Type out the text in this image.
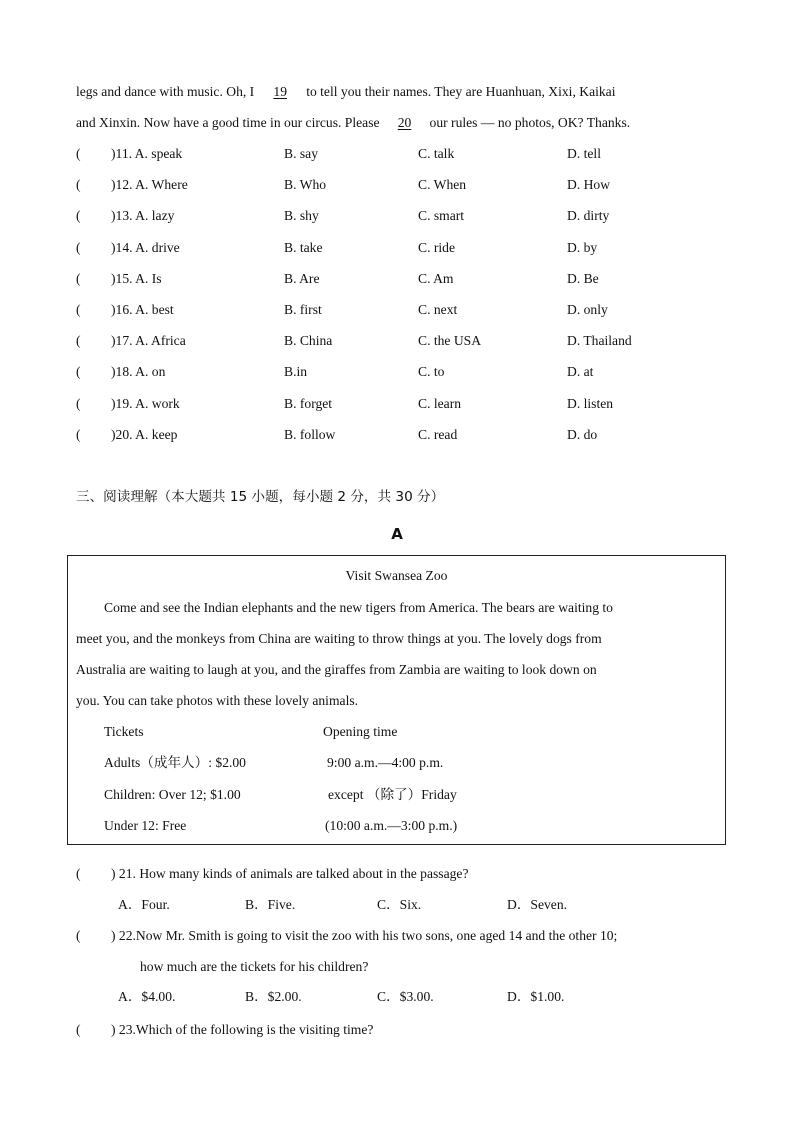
legs and dance with music. Oh, I 19 to tell you their names. They are Huanhuan, Xixi, Kaikai
and Xinxin. Now have a good time in our circus. Please 20 our rules — no photos, OK? Thanks.
( )11. A. speak	B. say	C. talk	D. tell
( )12. A. Where	B. Who	C. When	D. How
( )13. A. lazy	B. shy	C. smart	D. dirty
( )14. A. drive	B. take	C. ride	D. by
( )15. A. Is	B. Are	C. Am	D. Be
( )16. A. best	B. first	C. next	D. only
( )17. A. Africa	B. China	C. the USA	D. Thailand
( )18. A. on	B.in	C. to	D. at
( )19. A. work	B. forget	C. learn	D. listen
( )20. A. keep	B. follow	C. read	D. do
三、阅读理解（本大题共 15 小题，每小题 2 分，共 30 分）
A
Visit Swansea Zoo
Come and see the Indian elephants and the new tigers from America. The bears are waiting to
meet you, and the monkeys from China are waiting to throw things at you. The lovely dogs from
Australia are waiting to laugh at you, and the giraffes from Zambia are waiting to look down on
you. You can take photos with these lovely animals.
Tickets	Opening time
Adults（成年人）: $2.00	9:00 a.m.—4:00 p.m.
Children: Over 12; $1.00	except （除了）Friday
Under 12: Free	(10:00 a.m.—3:00 p.m.)
( ) 21. How many kinds of animals are talked about in the passage?
A．Four.	B．Five.	C．Six.	D．Seven.
( ) 22.Now Mr. Smith is going to visit the zoo with his two sons, one aged 14 and the other 10;
how much are the tickets for his children?
A．$4.00.	B．$2.00.	C．$3.00.	D．$1.00.
( ) 23.Which of the following is the visiting time?
